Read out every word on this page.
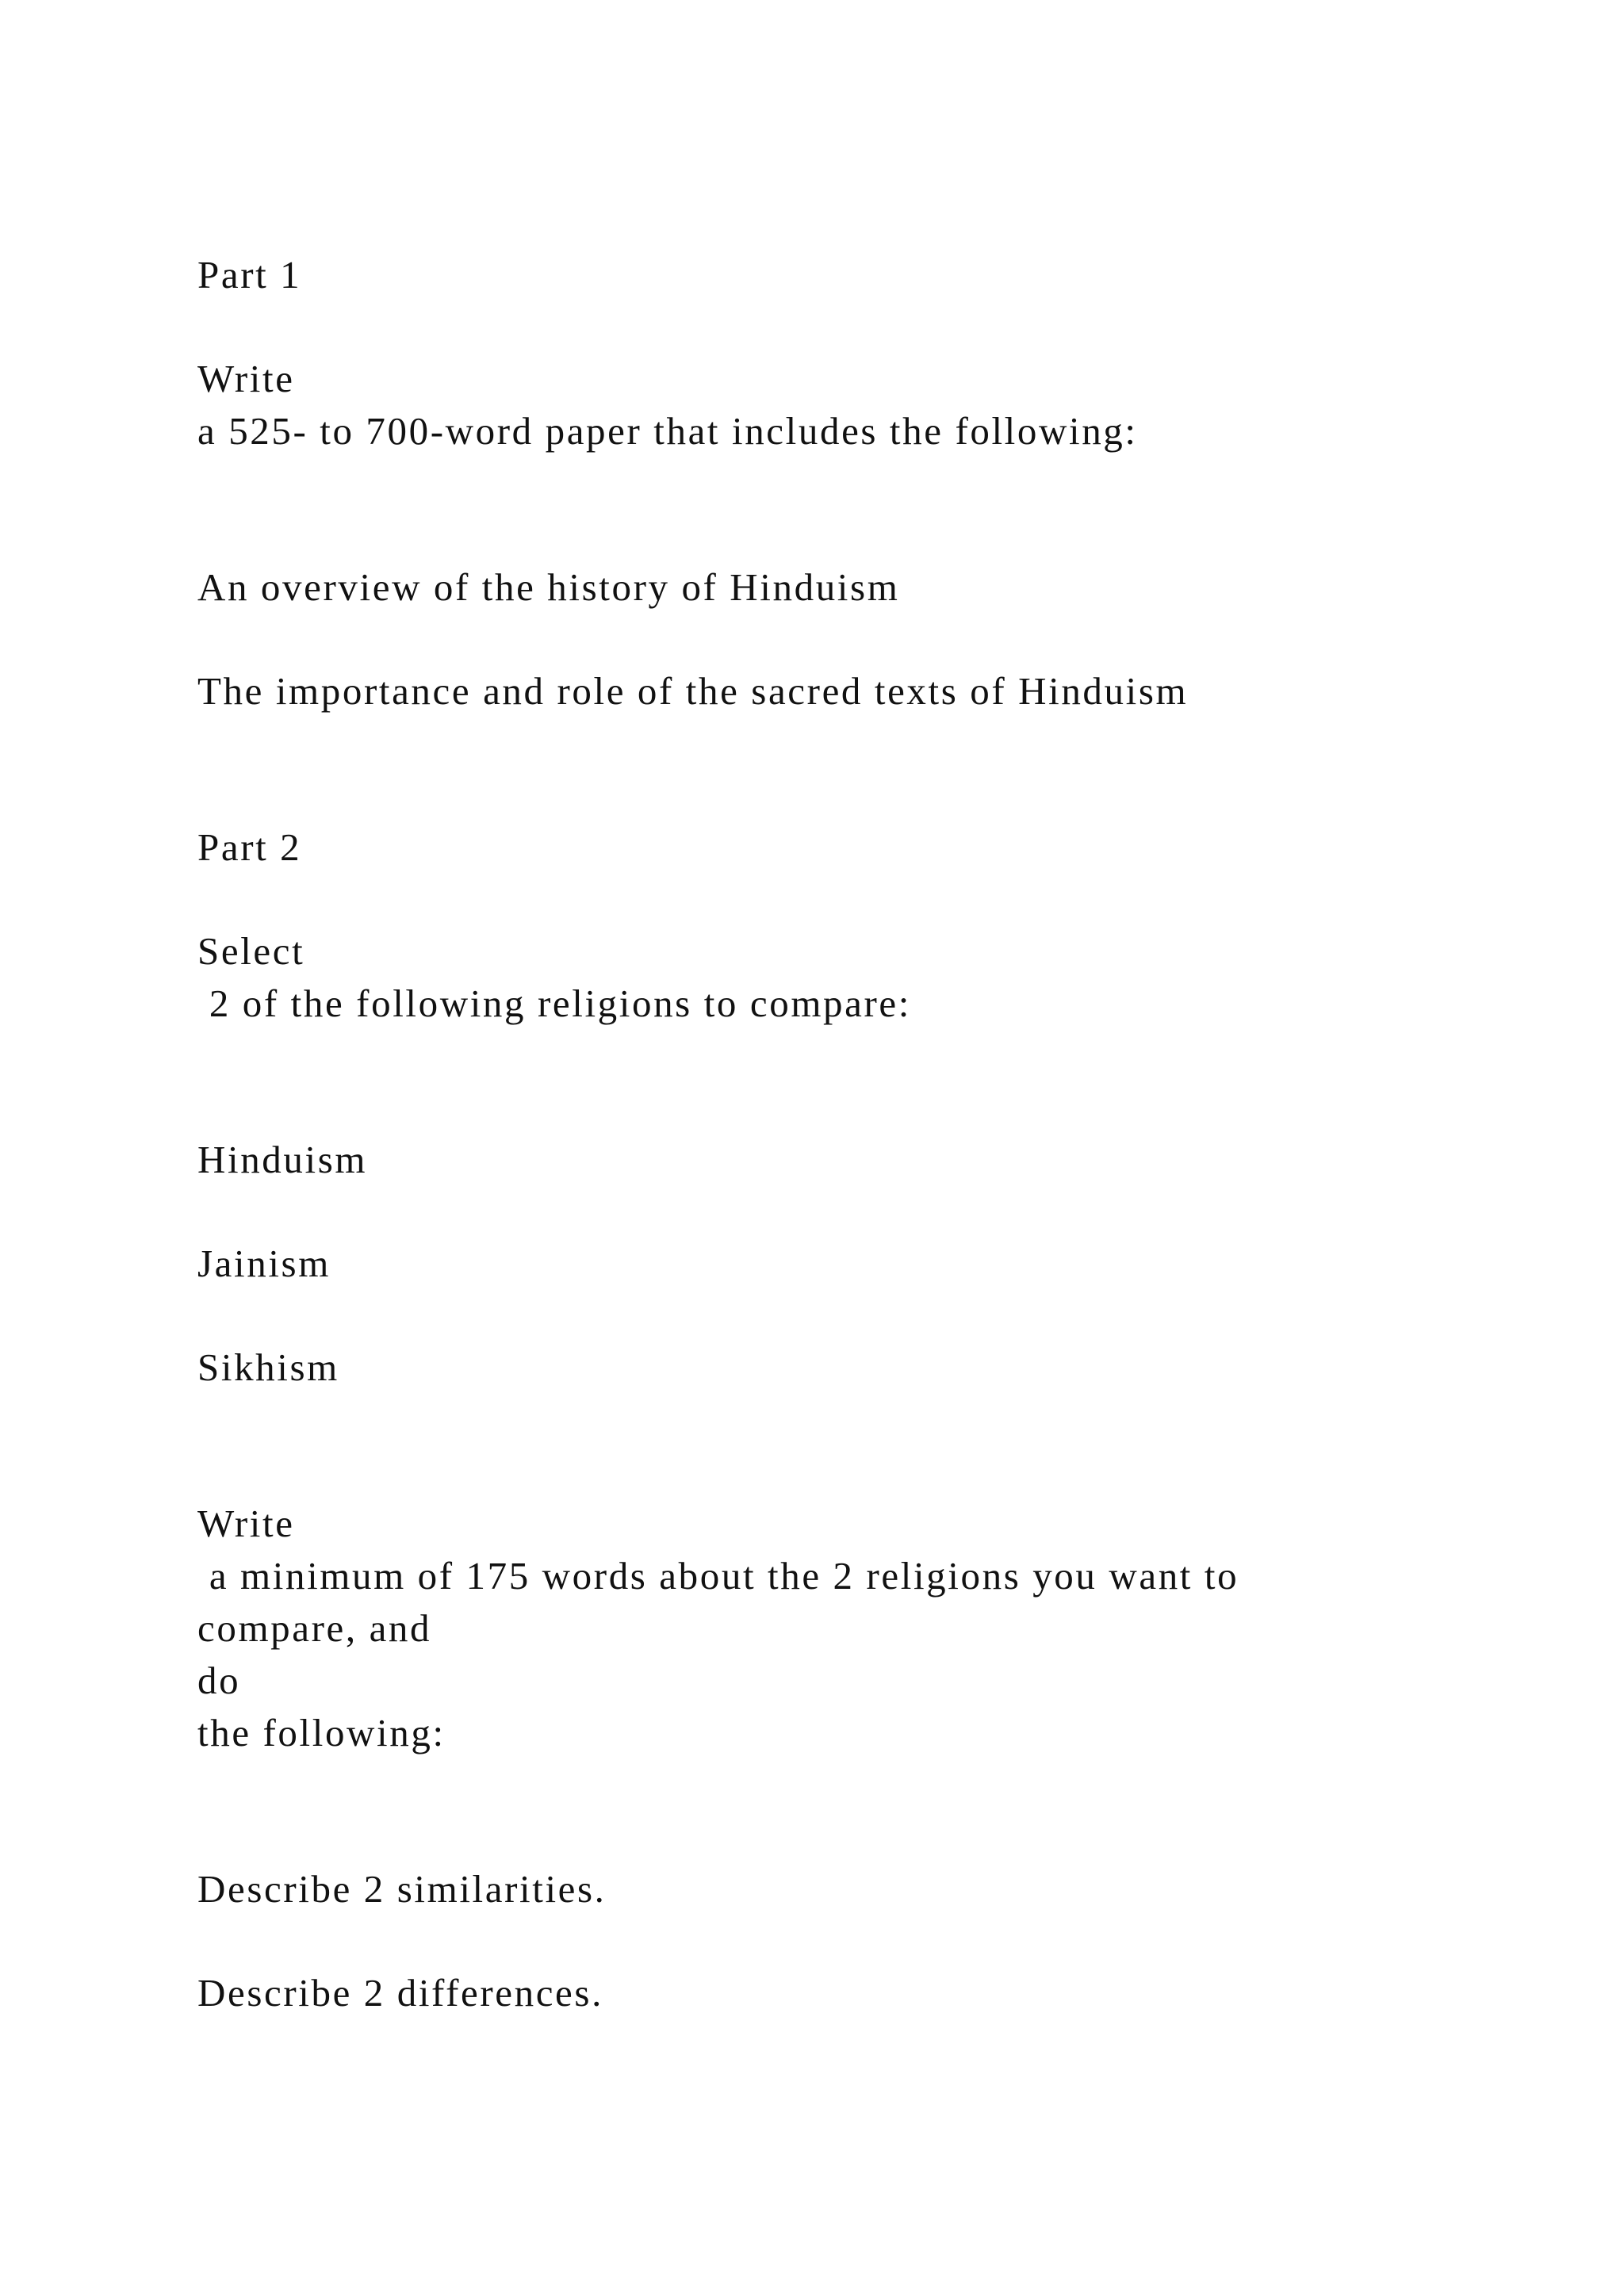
Part 1
Write
a 525- to 700-word paper that includes the following:
An overview of the history of Hinduism
The importance and role of the sacred texts of Hinduism
Part 2
Select
2 of the following religions to compare:
Hinduism
Jainism
Sikhism
Write
a minimum of 175 words about the 2 religions you want to
compare, and
do
the following:
Describe 2 similarities.
Describe 2 differences.
